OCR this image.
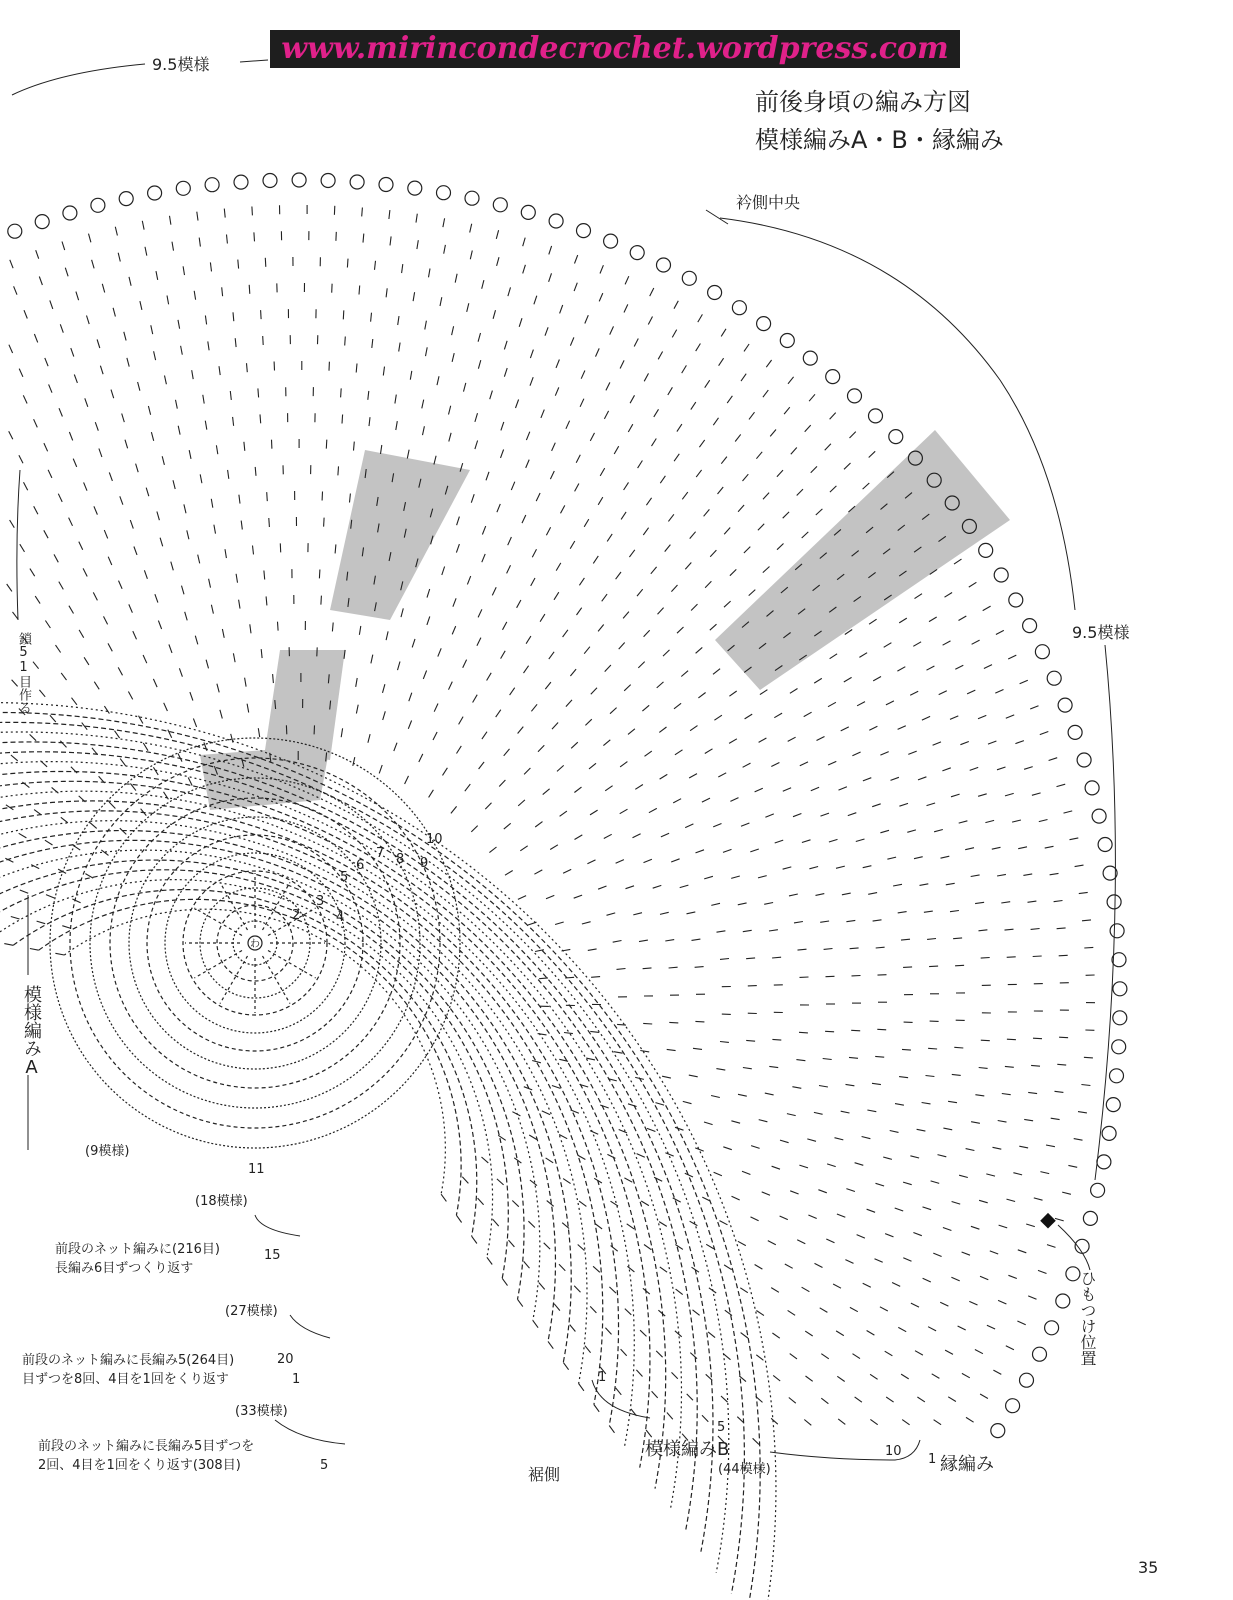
www.mirincondecrochet.wordpress.com
前後身頃の編み方図
模様編みA・B・縁編み
9.5模様
衿側中央
9.5模様
鎖51目作る
模様編みA
(9模様)
(18模様)
(27模様)
(33模様)
前段のネット編みに(216目)
長編み6目ずつくり返す
前段のネット編みに長編み5(264目)
目ずつを8回、4目を1回をくり返す
前段のネット編みに長編み5目ずつを
2回、4目を1回をくり返す(308目)
11
15
20
1
5
1
5
10
1
2
3
4
5
6
7 8 9
10
わ
模様編みB
(44模様)	縁編み
ひもつけ位置
裾側
35
